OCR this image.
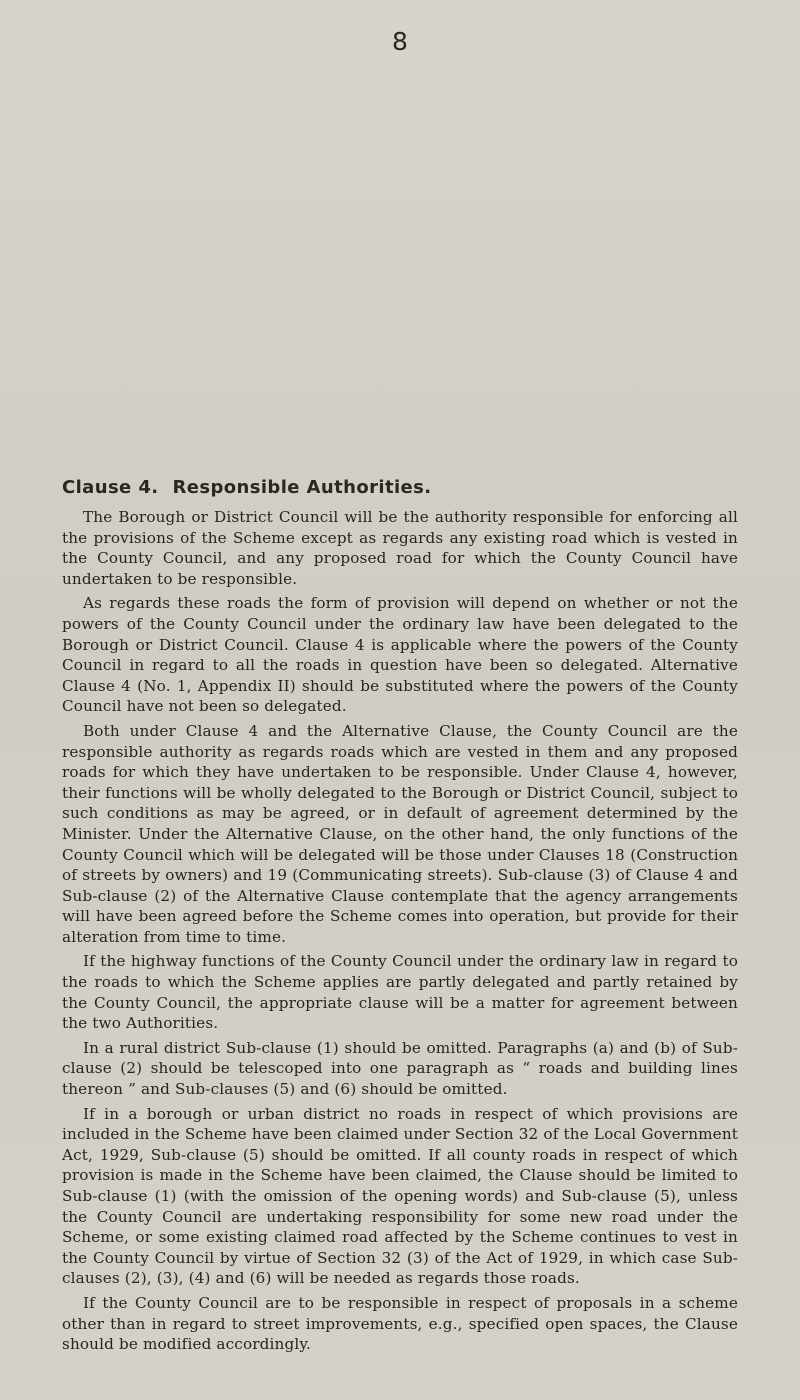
8
Clause 4. Responsible Authorities.

The Borough or District Council will be the authority responsible for enforcing all the provisions of the Scheme except as regards any existing road which is vested in the County Council, and any proposed road for which the County Council have undertaken to be responsible.

As regards these roads the form of provision will depend on whether or not the powers of the County Council under the ordinary law have been delegated to the Borough or District Council. Clause 4 is applicable where the powers of the County Council in regard to all the roads in question have been so delegated. Alternative Clause 4 (No. 1, Appendix II) should be substituted where the powers of the County Council have not been so delegated.

Both under Clause 4 and the Alternative Clause, the County Council are the responsible authority as regards roads which are vested in them and any proposed roads for which they have undertaken to be responsible. Under Clause 4, however, their functions will be wholly delegated to the Borough or District Council, subject to such conditions as may be agreed, or in default of agreement determined by the Minister. Under the Alternative Clause, on the other hand, the only functions of the County Council which will be delegated will be those under Clauses 18 (Construction of streets by owners) and 19 (Communicating streets). Sub-clause (3) of Clause 4 and Sub-clause (2) of the Alternative Clause contemplate that the agency arrangements will have been agreed before the Scheme comes into operation, but provide for their alteration from time to time.

If the highway functions of the County Council under the ordinary law in regard to the roads to which the Scheme applies are partly delegated and partly retained by the County Council, the appropriate clause will be a matter for agreement between the two Authorities.

In a rural district Sub-clause (1) should be omitted. Paragraphs (a) and (b) of Sub-clause (2) should be telescoped into one paragraph as “ roads and building lines thereon ” and Sub-clauses (5) and (6) should be omitted.

If in a borough or urban district no roads in respect of which provisions are included in the Scheme have been claimed under Section 32 of the Local Government Act, 1929, Sub-clause (5) should be omitted. If all county roads in respect of which provision is made in the Scheme have been claimed, the Clause should be limited to Sub-clause (1) (with the omission of the opening words) and Sub-clause (5), unless the County Council are undertaking responsibility for some new road under the Scheme, or some existing claimed road affected by the Scheme continues to vest in the County Council by virtue of Section 32 (3) of the Act of 1929, in which case Sub-clauses (2), (3), (4) and (6) will be needed as regards those roads.

If the County Council are to be responsible in respect of proposals in a scheme other than in regard to street improvements, e.g., specified open spaces, the Clause should be modified accordingly.
